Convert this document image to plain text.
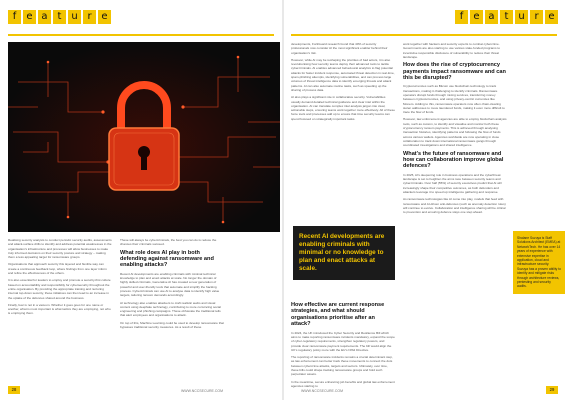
f	e a t u r e

Realising security analysts to conduct periodic security audits, assessments and attack-surface drills to identify and address potential weaknesses in the organisation's infrastructure and processes will allow businesses to make truly informed decisions on their security posture and strategy – making them a less appealing target for ransomware groups.

Organisations that approach security this layered and flexible way can create a continuous feedback loop, where findings from one layer inform and refine the effectiveness of the others.

It is also essential for leaders to employ and promote a security-first culture based on accountability and responsibility for cybersecurity throughout the entire organisation. By providing the appropriate training and nurturing internal top-down security, these initiatives can then lead to an increase in the uptake of the defences shared around the business.

Finally, fear is not in a vacuum. Whether it goes goes for one name or another, what is most important is what tactics they are employing, not who is employing them.

These will always be cybercriminals, the best you can do is reduce the chances their criminals succeed.

What role does AI play in both defending against ransomware and enabling attacks?

Recent AI developments are enabling criminals with minimal technical knowledge to plan and enact attacks at scale. No longer the domain of highly skilled criminals, Generative AI has created a new generation of powerful and user-friendly tools that automate and simplify the hacking process. Cybercriminals can use AI to analyse data to identify high value targets, tailoring ransom demands accordingly.

AI technology also enables attackers to craft realistic audio and visual content using deepfake technology, contributing to more convincing social engineering and phishing campaigns. These obfuscate the traditional tells that alert employees and organisations to attack.

On top of this, Machine Learning could be used to develop ransomware that bypasses traditional security measures. As a result of these

28	WWW.NCCSECURE.COM
f	e a t u r e

developments, FortiGuard research found that 40% of security professionals now consider AI the most significant enabler behind their organisation's risk.

However, while AI may be reshaping the priorities of bad actors, it is also revolutionising how security teams deploy their advanced tools to tackle cybercriminals. AI enables advanced behavioural analytics to flag potential attacks for faster incident response, automated threat detection in real-time, spam-phishing attempts, identifying vulnerabilities, and can process large volumes of threat intelligence data to identify emerging threats and attack patterns. AI can also automate routine tasks, such as speeding up the sharing of process data.

AI also plays a significant role in collaborative security. Vulnerabilities usually demand detailed technical guidance and clear intel within the organisation. AI can translate complex intel analysis jargon into clear, actionable steps, ensuring teams work together more effectively. All of these force tools and processes add up to ensure that time security teams can spend focused on strategically important tasks.

Recent AI developments are enabling criminals with minimal or no knowledge to plan and enact attacks at scale.
How effective are current response strategies, and what should organisations prioritise after an attack?

In 2024, the UK introduced the Cyber Security and Resilience Bill which aims to make reporting ransomware incidents mandatory, expand the scope of cyber-regulatory requirements, strengthen regulatory powers, and provide clear ransomware payment requirements. The bill would align the UK's regulatory policy more with the EU's NIS2 Directive.

The reporting of ransomware incidents remains a crucial determinant step, as law enforcement can better track these movements to connect the dots between cybercrime attacks, targets and sectors. Ultimately, over time, these bills could shape tracking ransomware groups and hold such perpetrator assets.

In the meantime, secure enhancing job benefits and global law enforcement agencies starting to

work together with hackers and security experts to combat cybercrime. Governments are also starting to use various state-funded programs to incentivise responsible disclosure of vulnerability to reduce their threat landscape.

How does the rise of cryptocurrency payments impact ransomware and can this be disrupted?

Cryptocurrencies such as Bitcoin use blockchain technology to track transactions, making it challenging to identify criminals. Ransomware operators disrupt funds through mixing services, transferring money between cryptocurrencies, and using privacy-centric currencies like Monero. Adding to this, ransomware operators now often chain-clearing stolen addresses to move laundered funds, making it even more difficult to trace the flow of funds.

However, law enforcement agencies are able to employ blockchain analysis tools, such as custom, to identify and visualise and monitor both these cryptocurrency ransom payments. This is achieved through analysing transaction histories, identifying patterns and following the flow of funds across various wallets. Agencies worldwide are now operating in close collaboration to track down international ransomware gangs through coordinated investigations and shared intelligence.

What's the future of ransomware and how can collaboration improve global defences?

In 2025, AI's deepening role in business operations and the cyberthreat landscape is set to heighten the arms race between security teams and cybercriminals. Over half (55%) of security executives predict that AI will increasingly shape their competitive outcomes, as both defenders and attackers leverage it to speed up intelligence gathering and response.

As ransomware technologies like AI come into play, models that feed with ransomware and AI-driven anti-defences (such as anomaly detection rules) will continue to evolve. Collaboration and intelligence sharing will be critical to prevention and ensuring defence stays one step ahead.

Shalane Suzuya is Staff Solutions Architect (EMEA) at NetworkTech. He has over 14 years of experience with extensive expertise in application, cloud and infrastructure security. Suzuya has a proven ability to identify and mitigate risks through architecture reviews, pentesting and security audits.
29
WWW.NCCSECURE.COM
